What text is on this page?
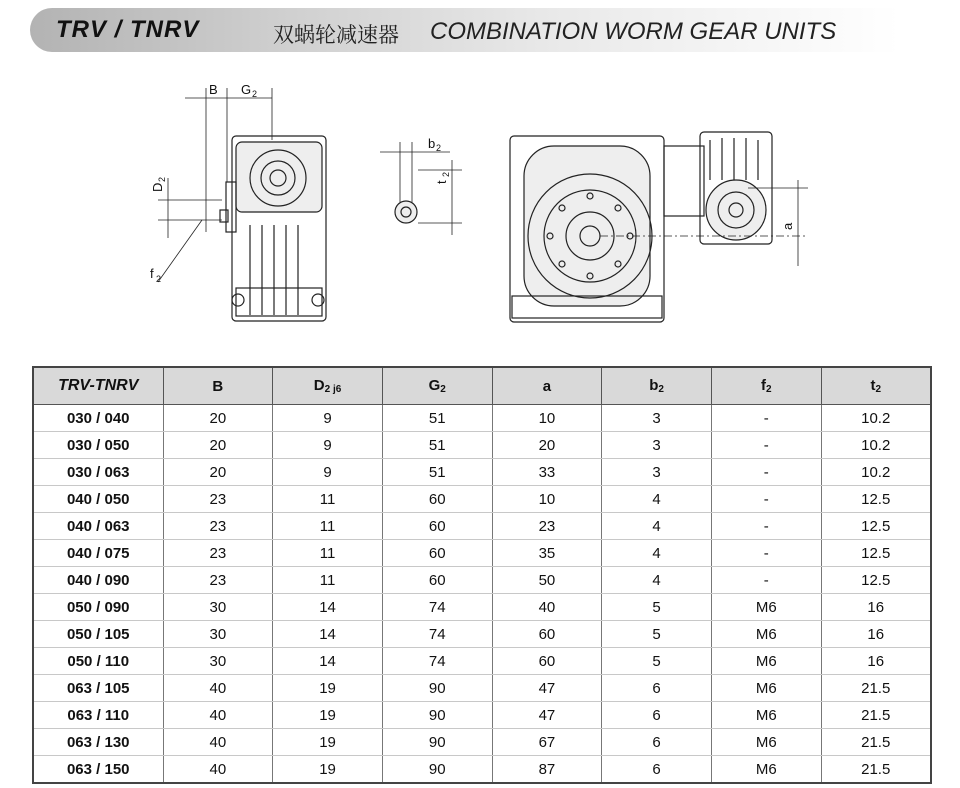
TRV / TNRV	双蜗轮减速器 COMBINATION WORM GEAR UNITS
B G 2
D
2
f 2
b 2
t
2
a
TRV-TNRV	B	$D_{2 j6}$	$G_2$	a	$b_2$	$f_2$	$t_2$
030 / 040	20	9	51	10	3	-	10.2
030 / 050	20	9	51	20	3	-	10.2
030 / 063	20	9	51	33	3	-	10.2
040 / 050	23	11	60	10	4	-	12.5
040 / 063	23	11	60	23	4	-	12.5
040 / 075	23	11	60	35	4	-	12.5
040 / 090	23	11	60	50	4	-	12.5
050 / 090	30	14	74	40	5	M6	16
050 / 105	30	14	74	60	5	M6	16
050 / 110	30	14	74	60	5	M6	16
063 / 105	40	19	90	47	6	M6	21.5
063 / 110	40	19	90	47	6	M6	21.5
063 / 130	40	19	90	67	6	M6	21.5
063 / 150	40	19	90	87	6	M6	21.5
